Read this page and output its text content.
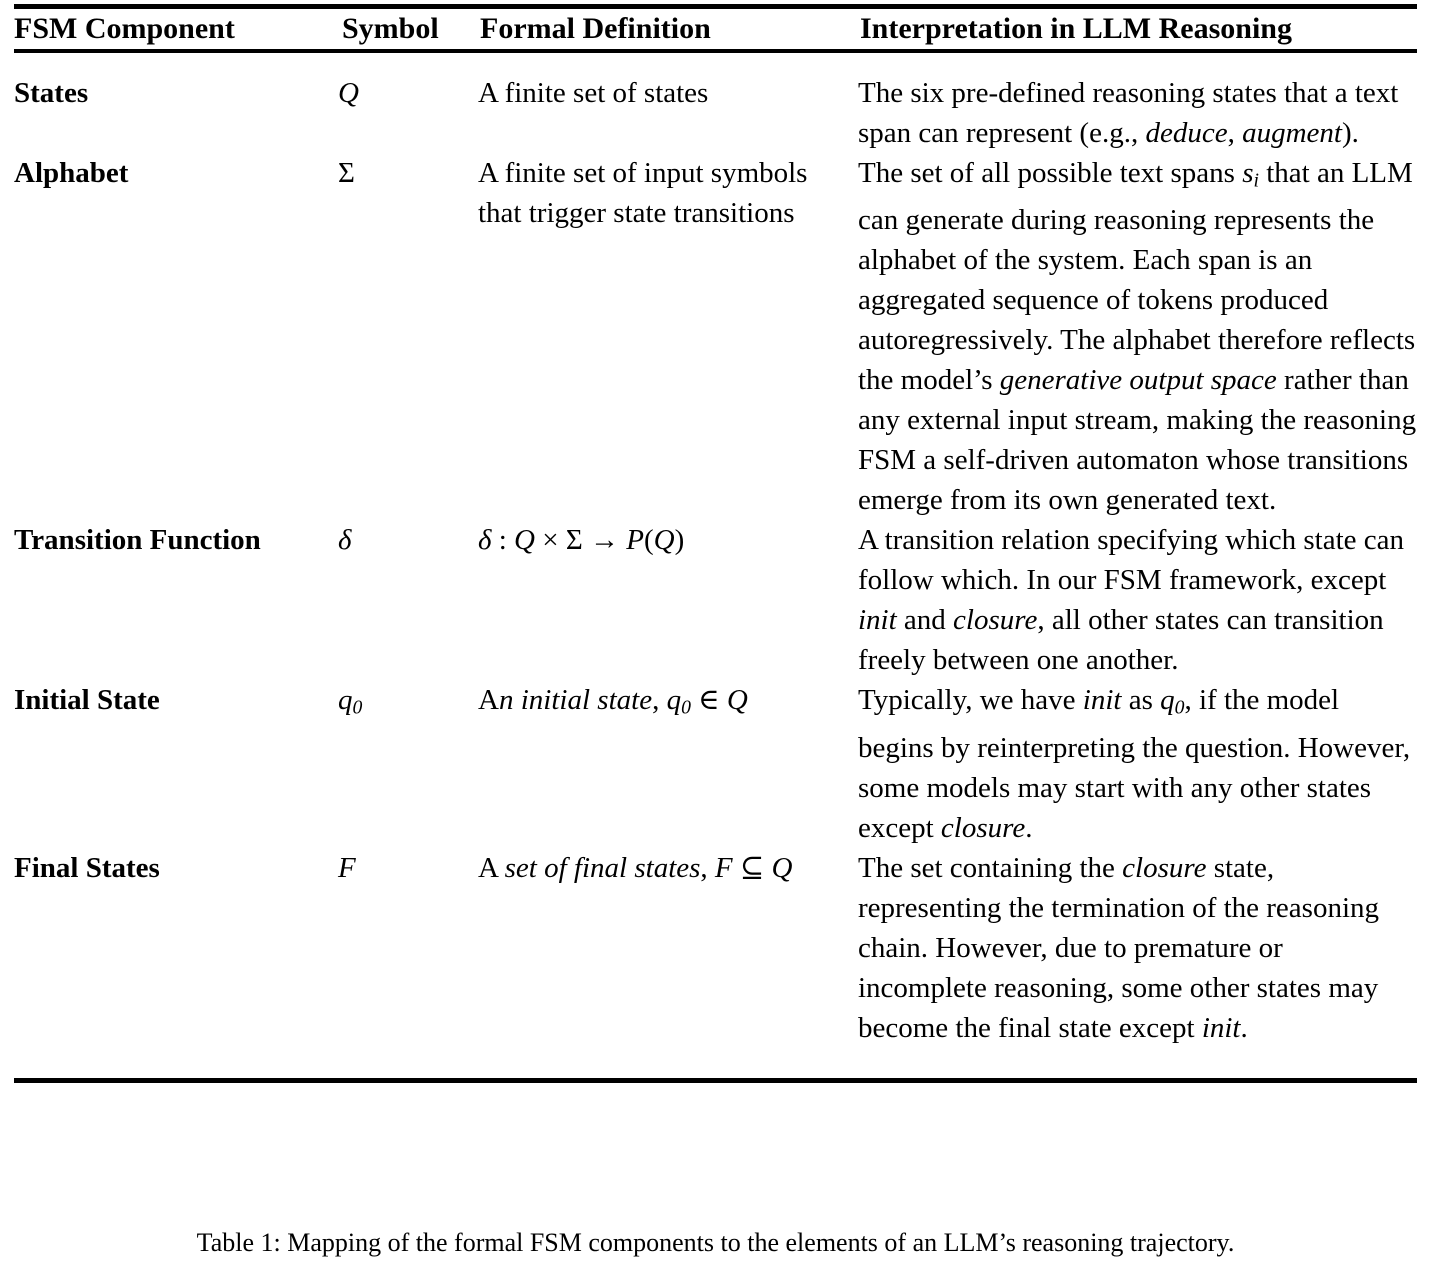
FSM Component	Symbol	Formal Definition	Interpretation in LLM Reasoning
States	Q	A finite set of states	The six pre-defined reasoning states that a text span can represent (e.g., deduce, augment).
Alphabet	Σ	A finite set of input symbols that trigger state transitions	The set of all possible text spans $s_i$ that an LLM can generate during reasoning represents the alphabet of the system. Each span is an aggregated sequence of tokens produced autoregressively. The alphabet therefore reflects the model’s generative output space rather than any external input stream, making the reasoning FSM a self-driven automaton whose transitions emerge from its own generated text.
Transition Function	δ	δ : Q × Σ → P(Q)	A transition relation specifying which state can follow which. In our FSM framework, except init and closure, all other states can transition freely between one another.
Initial State	$q_0$	An initial state, $q_0$ ∈ Q	Typically, we have init as $q_0$, if the model begins by reinterpreting the question. However, some models may start with any other states except closure.
Final States	F	A set of final states, F ⊆ Q	The set containing the closure state, representing the termination of the reasoning chain. However, due to premature or incomplete reasoning, some other states may become the final state except init.
Table 1: Mapping of the formal FSM components to the elements of an LLM’s reasoning trajectory.
